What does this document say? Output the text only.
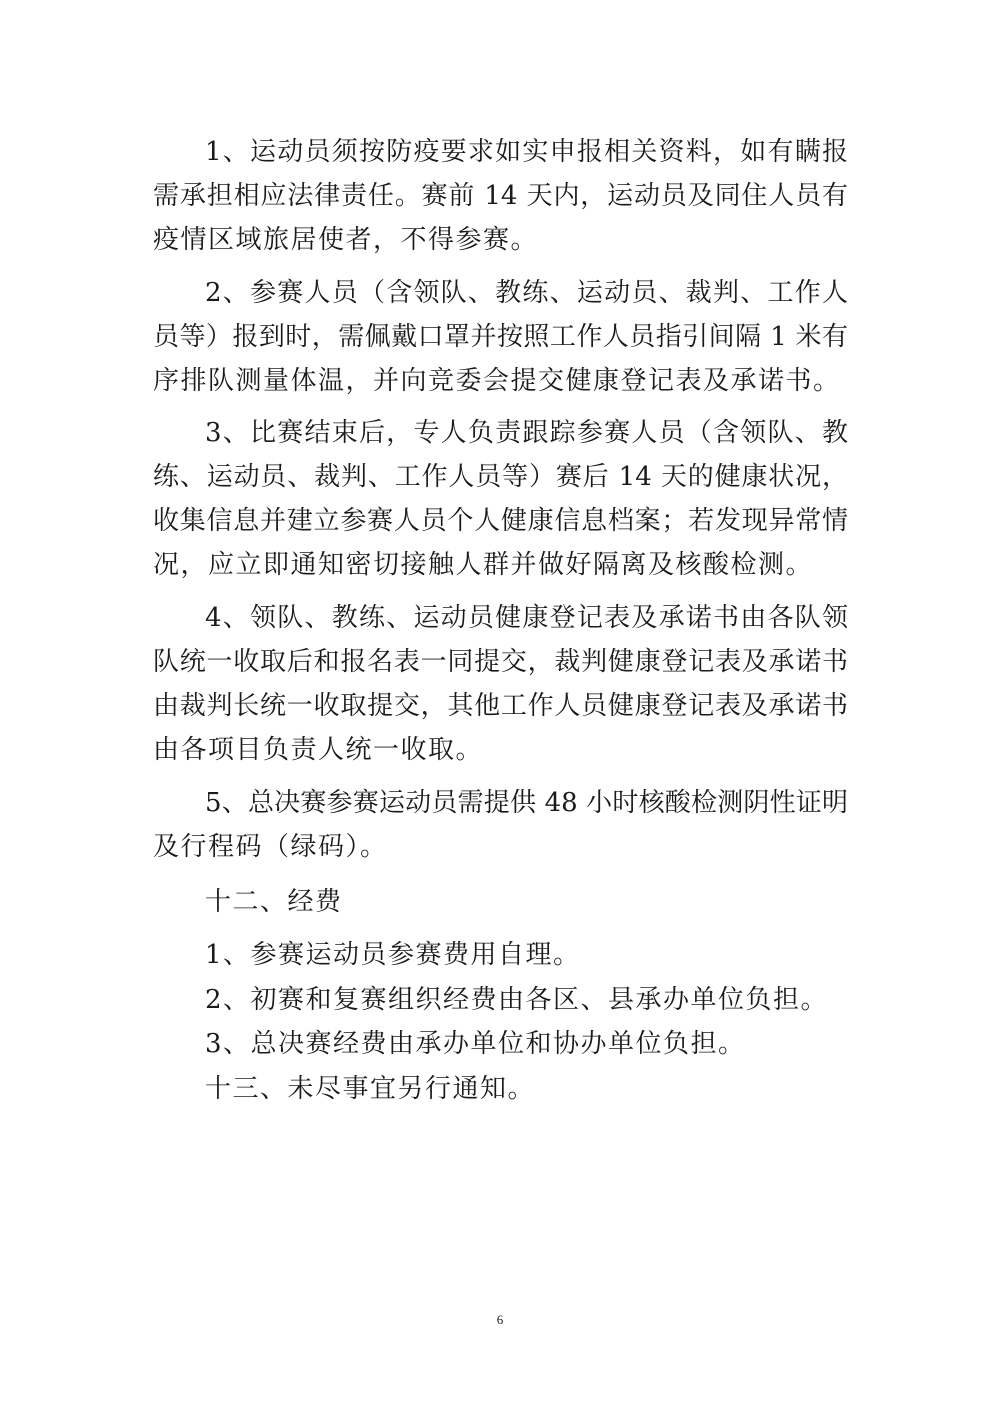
1、运动员须按防疫要求如实申报相关资料，如有瞒报
需承担相应法律责任。赛前 14 天内，运动员及同住人员有
疫情区域旅居使者，不得参赛。
2、参赛人员（含领队、教练、运动员、裁判、工作人
员等）报到时，需佩戴口罩并按照工作人员指引间隔 1 米有
序排队测量体温，并向竞委会提交健康登记表及承诺书。
3、比赛结束后，专人负责跟踪参赛人员（含领队、教
练、运动员、裁判、工作人员等）赛后 14 天的健康状况，
收集信息并建立参赛人员个人健康信息档案；若发现异常情
况，应立即通知密切接触人群并做好隔离及核酸检测。
4、领队、教练、运动员健康登记表及承诺书由各队领
队统一收取后和报名表一同提交，裁判健康登记表及承诺书
由裁判长统一收取提交，其他工作人员健康登记表及承诺书
由各项目负责人统一收取。
5、总决赛参赛运动员需提供 48 小时核酸检测阴性证明
及行程码（绿码）。
十二、经费
1、参赛运动员参赛费用自理。
2、初赛和复赛组织经费由各区、县承办单位负担。
3、总决赛经费由承办单位和协办单位负担。
十三、未尽事宜另行通知。
6
